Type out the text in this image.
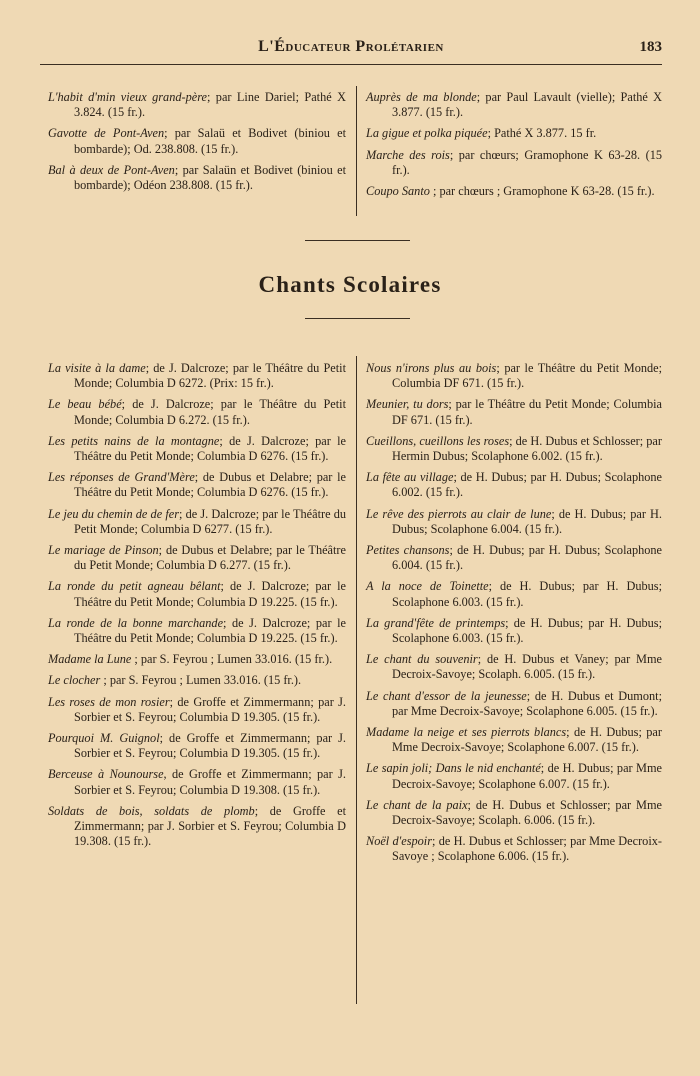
L'Éducateur Prolétarien	183

L'habit d'min vieux grand-père; par Line Dariel; Pathé X 3.824. (15 fr.).

Gavotte de Pont-Aven; par Salaü et Bodivet (biniou et bombarde); Od. 238.808. (15 fr.).

Bal à deux de Pont-Aven; par Salaün et Bodivet (biniou et bombarde); Odéon 238.808. (15 fr.).

Auprès de ma blonde; par Paul Lavault (vielle); Pathé X 3.877. (15 fr.).

La gigue et polka piquée; Pathé X 3.877. 15 fr.

Marche des rois; par chœurs; Gramophone K 63-28. (15 fr.).

Coupo Santo ; par chœurs ; Gramophone K 63-28. (15 fr.).

Chants Scolaires

La visite à la dame; de J. Dalcroze; par le Théâtre du Petit Monde; Columbia D 6272. (Prix: 15 fr.).

Le beau bébé; de J. Dalcroze; par le Théâtre du Petit Monde; Columbia D 6.272. (15 fr.).

Les petits nains de la montagne; de J. Dalcroze; par le Théâtre du Petit Monde; Columbia D 6276. (15 fr.).

Les réponses de Grand'Mère; de Dubus et Delabre; par le Théâtre du Petit Monde; Columbia D 6276. (15 fr.).

Le jeu du chemin de de fer; de J. Dalcroze; par le Théâtre du Petit Monde; Columbia D 6277. (15 fr.).

Le mariage de Pinson; de Dubus et Delabre; par le Théâtre du Petit Monde; Columbia D 6.277. (15 fr.).

La ronde du petit agneau bêlant; de J. Dalcroze; par le Théâtre du Petit Monde; Columbia D 19.225. (15 fr.).

La ronde de la bonne marchande; de J. Dalcroze; par le Théâtre du Petit Monde; Columbia D 19.225. (15 fr.).

Madame la Lune ; par S. Feyrou ; Lumen 33.016. (15 fr.).

Le clocher ; par S. Feyrou ; Lumen 33.016. (15 fr.).

Les roses de mon rosier; de Groffe et Zimmermann; par J. Sorbier et S. Feyrou; Columbia D 19.305. (15 fr.).

Pourquoi M. Guignol; de Groffe et Zimmermann; par J. Sorbier et S. Feyrou; Columbia D 19.305. (15 fr.).

Berceuse à Nounourse, de Groffe et Zimmermann; par J. Sorbier et S. Feyrou; Columbia D 19.308. (15 fr.).

Soldats de bois, soldats de plomb; de Groffe et Zimmermann; par J. Sorbier et S. Feyrou; Columbia D 19.308. (15 fr.).

Nous n'irons plus au bois; par le Théâtre du Petit Monde; Columbia DF 671. (15 fr.).

Meunier, tu dors; par le Théâtre du Petit Monde; Columbia DF 671. (15 fr.).

Cueillons, cueillons les roses; de H. Dubus et Schlosser; par Hermin Dubus; Scolaphone 6.002. (15 fr.).

La fête au village; de H. Dubus; par H. Dubus; Scolaphone 6.002. (15 fr.).

Le rêve des pierrots au clair de lune; de H. Dubus; par H. Dubus; Scolaphone 6.004. (15 fr.).

Petites chansons; de H. Dubus; par H. Dubus; Scolaphone 6.004. (15 fr.).

A la noce de Toinette; de H. Dubus; par H. Dubus; Scolaphone 6.003. (15 fr.).

La grand'fête de printemps; de H. Dubus; par H. Dubus; Scolaphone 6.003. (15 fr.).

Le chant du souvenir; de H. Dubus et Vaney; par Mme Decroix-Savoye; Scolaph. 6.005. (15 fr.).

Le chant d'essor de la jeunesse; de H. Dubus et Dumont; par Mme Decroix-Savoye; Scolaphone 6.005. (15 fr.).

Madame la neige et ses pierrots blancs; de H. Dubus; par Mme Decroix-Savoye; Scolaphone 6.007. (15 fr.).

Le sapin joli; Dans le nid enchanté; de H. Dubus; par Mme Decroix-Savoye; Scolaphone 6.007. (15 fr.).

Le chant de la paix; de H. Dubus et Schlosser; par Mme Decroix-Savoye; Scolaph. 6.006. (15 fr.).

Noël d'espoir; de H. Dubus et Schlosser; par Mme Decroix-Savoye ; Scolaphone 6.006. (15 fr.).
